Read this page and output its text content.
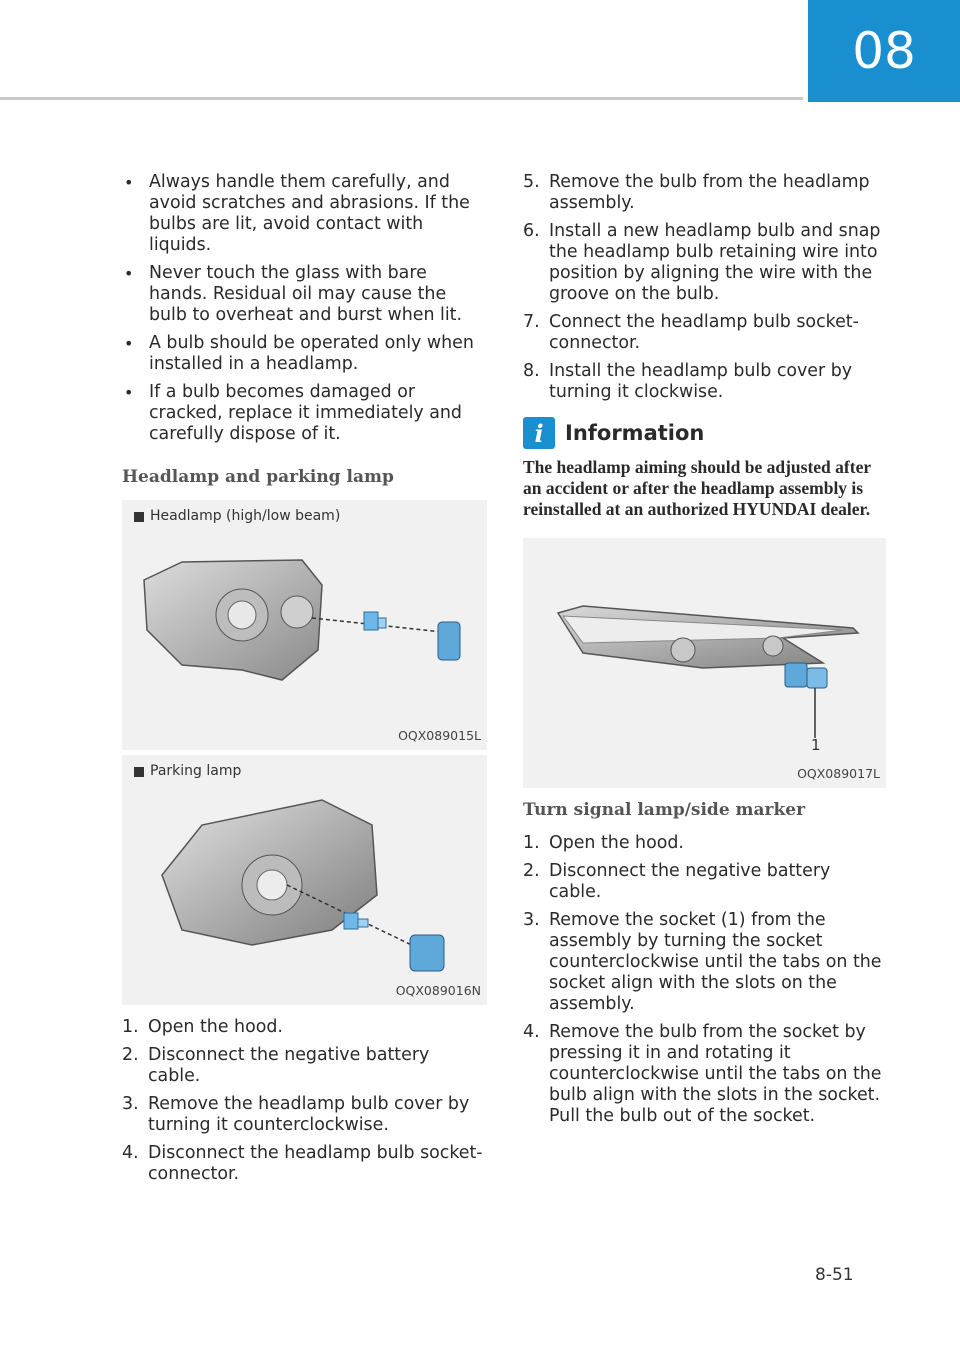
08
• Always handle them carefully, and avoid scratches and abrasions. If the bulbs are lit, avoid contact with liquids.
• Never touch the glass with bare hands. Residual oil may cause the bulb to overheat and burst when lit.
• A bulb should be operated only when installed in a headlamp.
• If a bulb becomes damaged or cracked, replace it immediately and carefully dispose of it.
Headlamp and parking lamp
Headlamp (high/low beam)
OQX089015L
Parking lamp
OQX089016N
1. Open the hood.
2. Disconnect the negative battery cable.
3. Remove the headlamp bulb cover by turning it counterclockwise.
4. Disconnect the headlamp bulb socket-connector.
5. Remove the bulb from the headlamp assembly.
6. Install a new headlamp bulb and snap the headlamp bulb retaining wire into position by aligning the wire with the groove on the bulb.
7. Connect the headlamp bulb socket-connector.
8. Install the headlamp bulb cover by turning it clockwise.
i	Information
The headlamp aiming should be adjusted after an accident or after the headlamp assembly is reinstalled at an authorized HYUNDAI dealer.
1
OQX089017L
Turn signal lamp/side marker
1. Open the hood.
2. Disconnect the negative battery cable.
3. Remove the socket (1) from the assembly by turning the socket counterclockwise until the tabs on the socket align with the slots on the assembly.
4. Remove the bulb from the socket by pressing it in and rotating it counterclockwise until the tabs on the bulb align with the slots in the socket. Pull the bulb out of the socket.
8-51
